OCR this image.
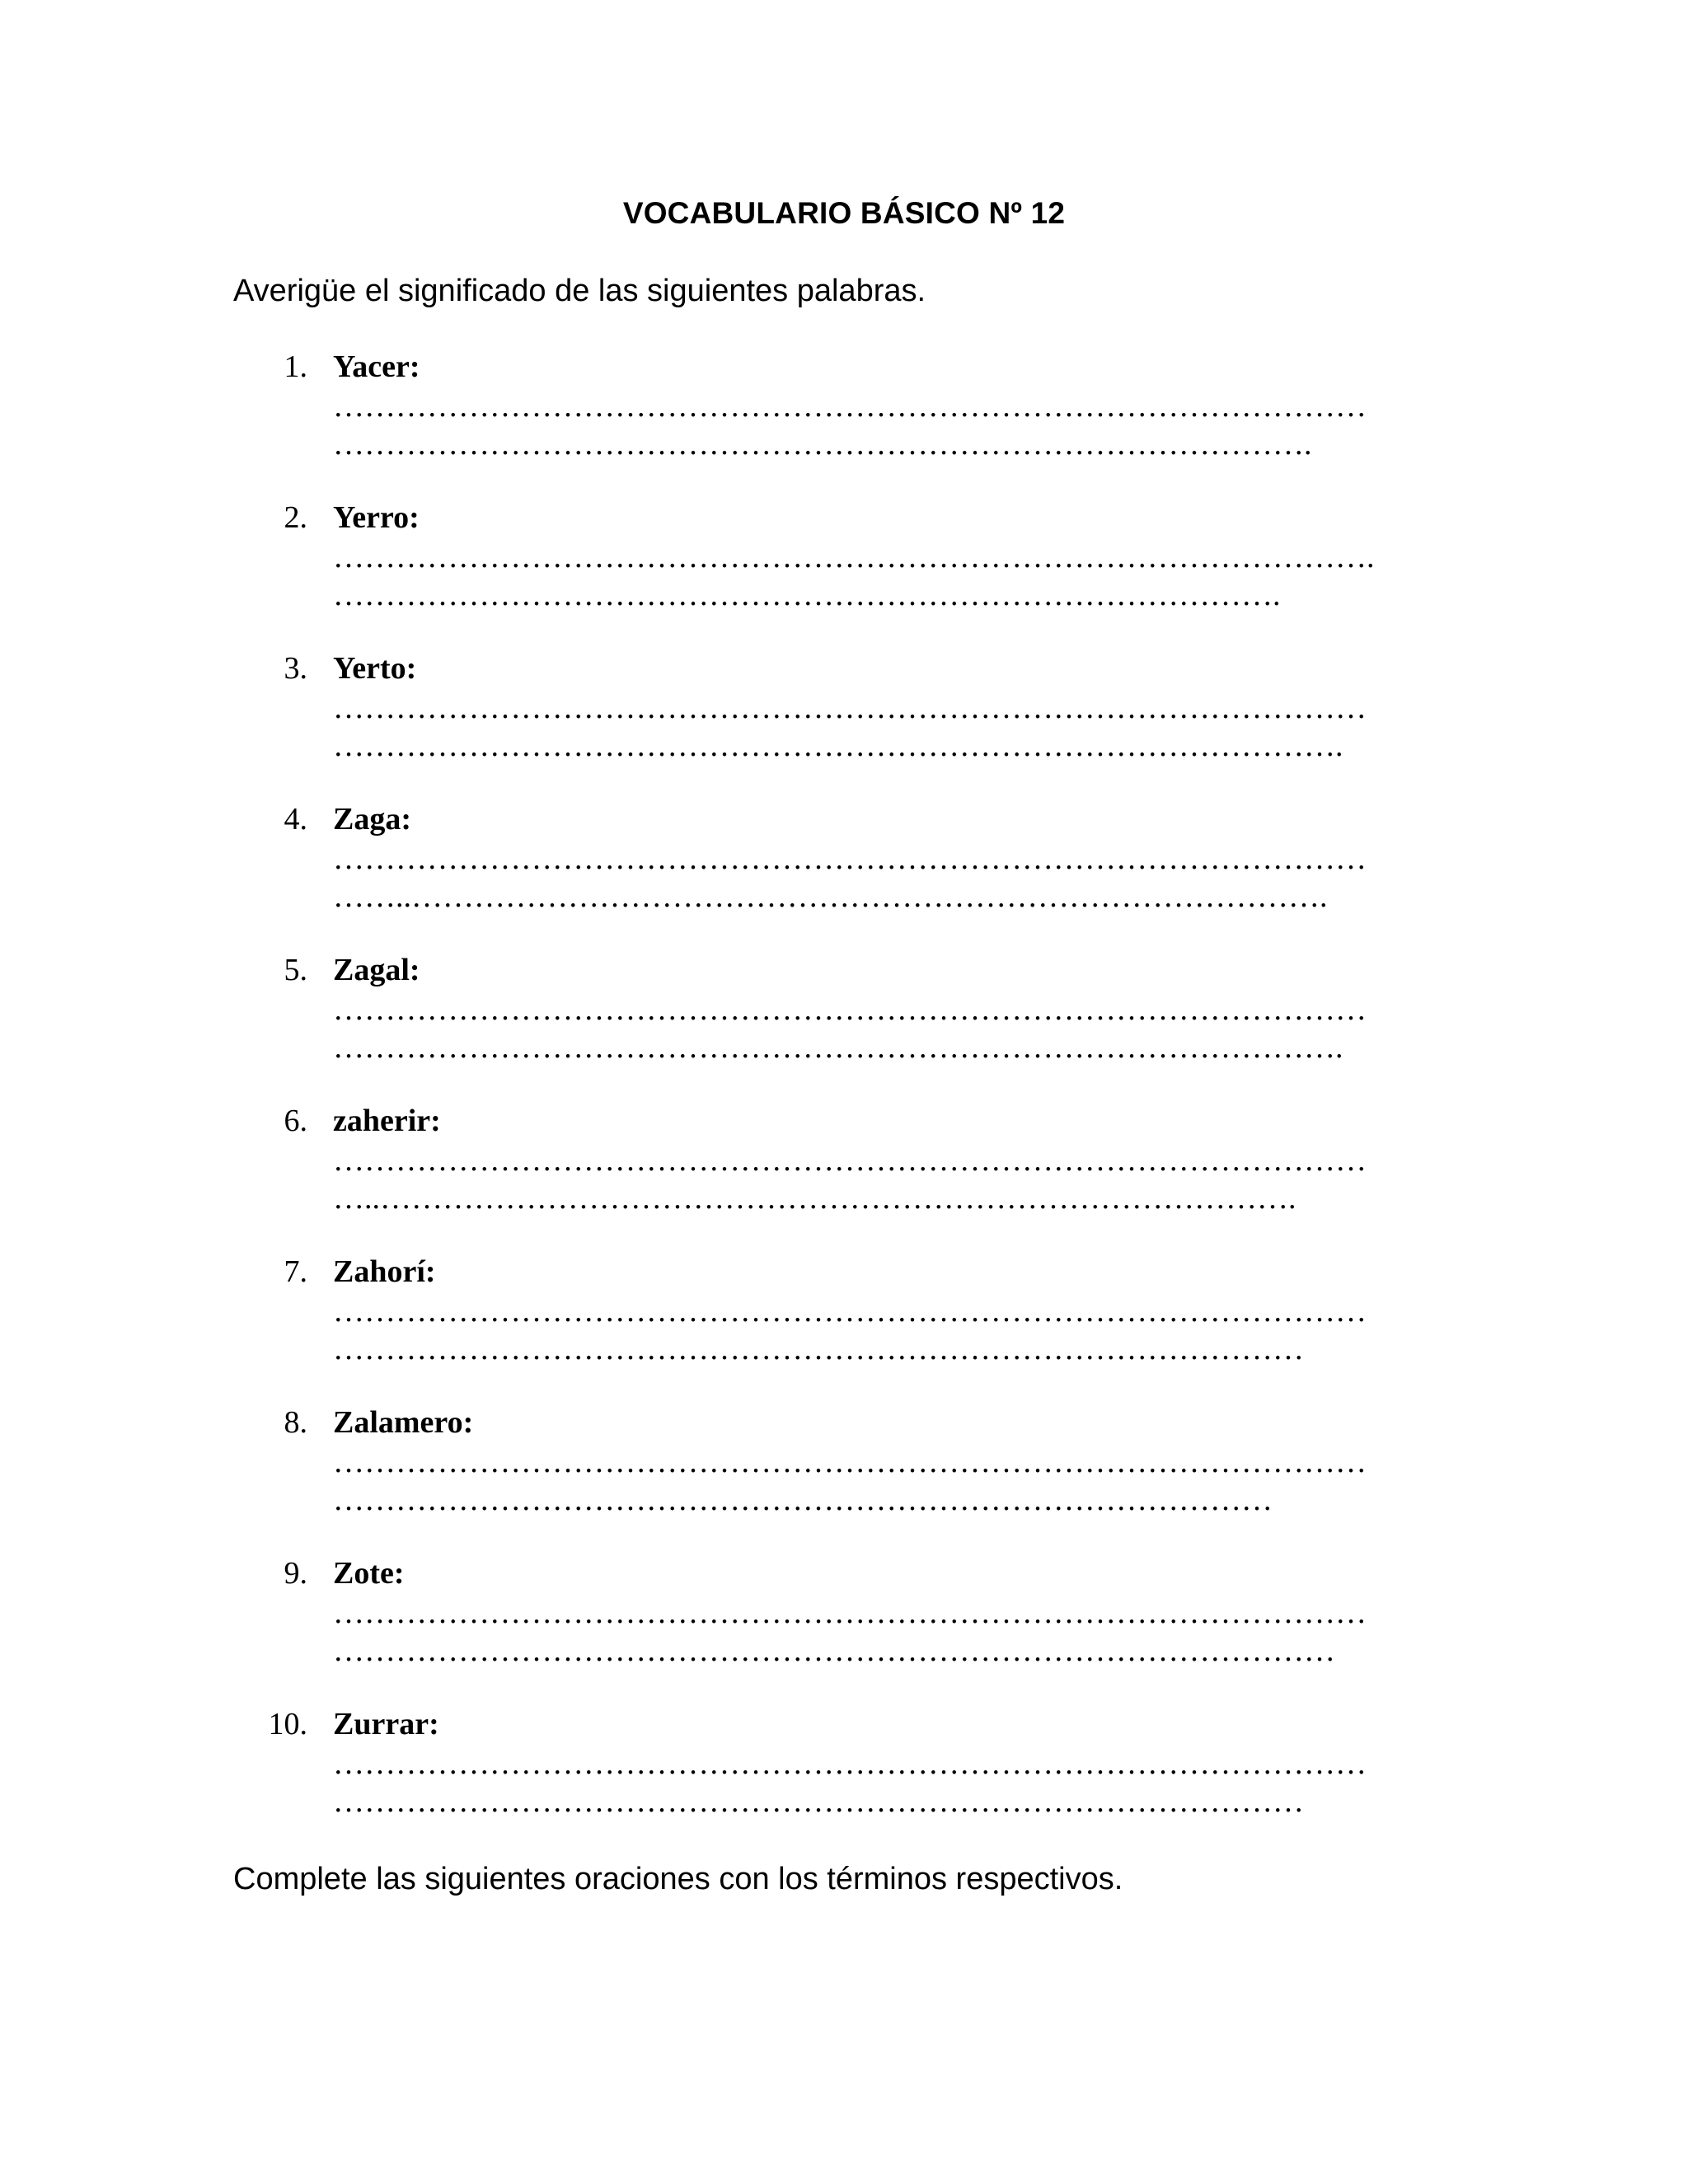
VOCABULARIO BÁSICO Nº 12

Averigüe el significado de las siguientes palabras.

1. Yacer:
………………………………………………………………………………………
………………………………………………………………………………….
2. Yerro:
……………………………………………………………………………………….
……………………………………………………………………………….
3. Yerto:
………………………………………………………………………………………
…………………………………………………………………………………….
4. Zaga:
………………………………………………………………………………………
……..…………………………………………………………………………….
5. Zagal:
………………………………………………………………………………………
…………………………………………………………………………………….
6. zaherir:
………………………………………………………………………………………
…..…………………………………………………………………………….
7. Zahorí:
………………………………………………………………………………………
…………………………………………………………………………………
8. Zalamero:
………………………………………………………………………………………
………………………………………………………………………………
9. Zote:
………………………………………………………………………………………
……………………………………………………………………………………
10. Zurrar:
………………………………………………………………………………………
…………………………………………………………………………………

Complete las siguientes oraciones con los términos respectivos.
